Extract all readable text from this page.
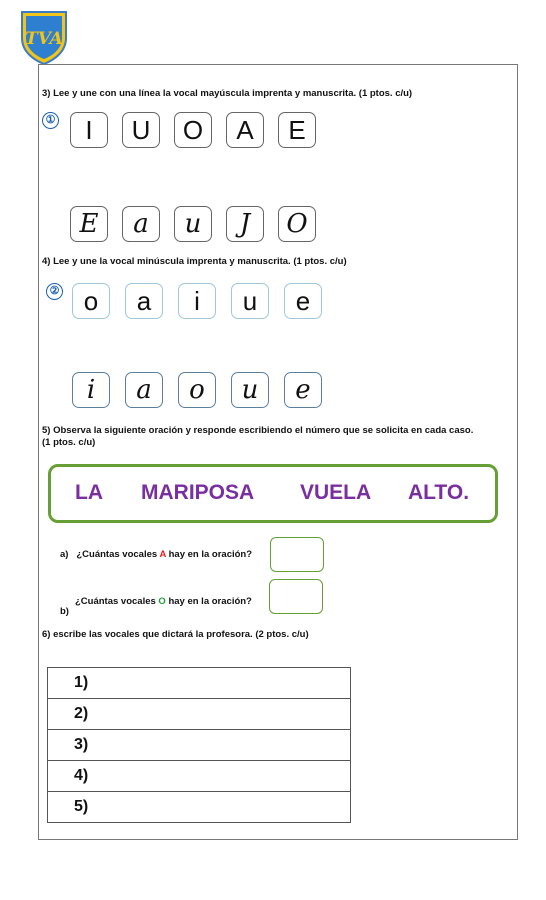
TVA
3) Lee y une con una línea la vocal mayúscula imprenta y manuscrita. (1 ptos. c/u)
①	I	U	O	A	E
E	a	u	J	O
4) Lee y une la vocal minúscula imprenta y manuscrita. (1 ptos. c/u)
② o	a	i	u	e
i	a	o	u	e
5) Observa la siguiente oración y responde escribiendo el número que se solicita en cada caso.
(1 ptos. c/u)
LA MARIPOSA VUELA ALTO.
a) ¿Cuántas vocales A hay en la oración?
¿Cuántas vocales O hay en la oración?
b)
6) escribe las vocales que dictará la profesora. (2 ptos. c/u)
1)
2)
3)
4)
5)
